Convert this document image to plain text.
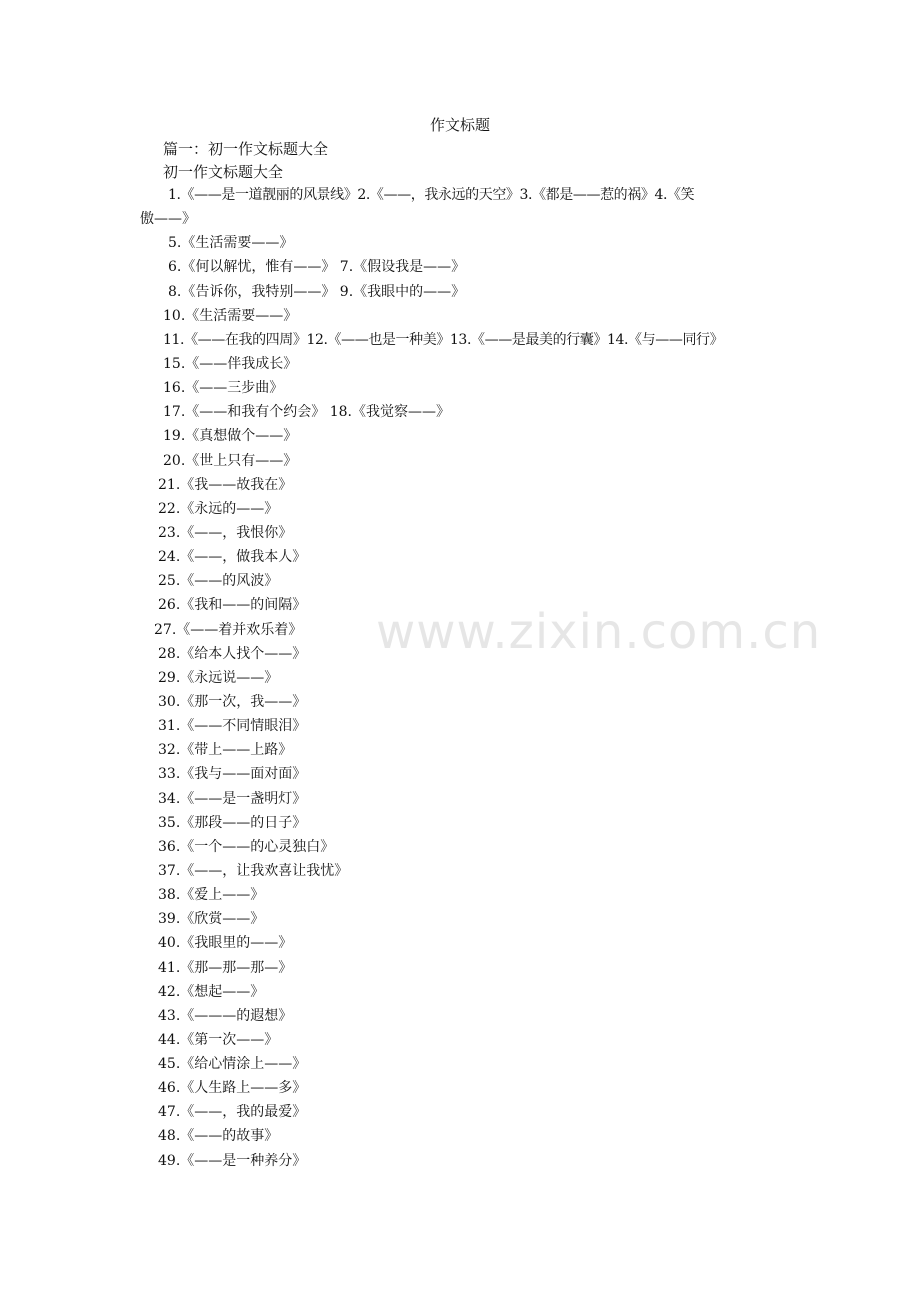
作文标题
篇一：初一作文标题大全
初一作文标题大全
www.zixin.com.cn
1.《——是一道靓丽的风景线》2.《——，我永远的天空》3.《都是——惹的祸》4.《笑
傲——》
5.《生活需要——》
6.《何以解忧，惟有——》 7.《假设我是——》
8.《告诉你，我特别——》 9.《我眼中的——》
10.《生活需要——》
11.《——在我的四周》12.《——也是一种美》13.《——是最美的行囊》14.《与——同行》
15.《——伴我成长》
16.《——三步曲》
17.《——和我有个约会》 18.《我觉察——》
19.《真想做个——》
20.《世上只有——》
21.《我——故我在》
22.《永远的——》
23.《——，我恨你》
24.《——，做我本人》
25.《——的风波》
26.《我和——的间隔》
27.《——着并欢乐着》
28.《给本人找个——》
29.《永远说——》
30.《那一次，我——》
31.《——不同情眼泪》
32.《带上——上路》
33.《我与——面对面》
34.《——是一盏明灯》
35.《那段——的日子》
36.《一个——的心灵独白》
37.《——，让我欢喜让我忧》
38.《爱上——》
39.《欣赏——》
40.《我眼里的——》
41.《那—那—那—》
42.《想起——》
43.《———的遐想》
44.《第一次——》
45.《给心情涂上——》
46.《人生路上——多》
47.《——，我的最爱》
48.《——的故事》
49.《——是一种养分》
